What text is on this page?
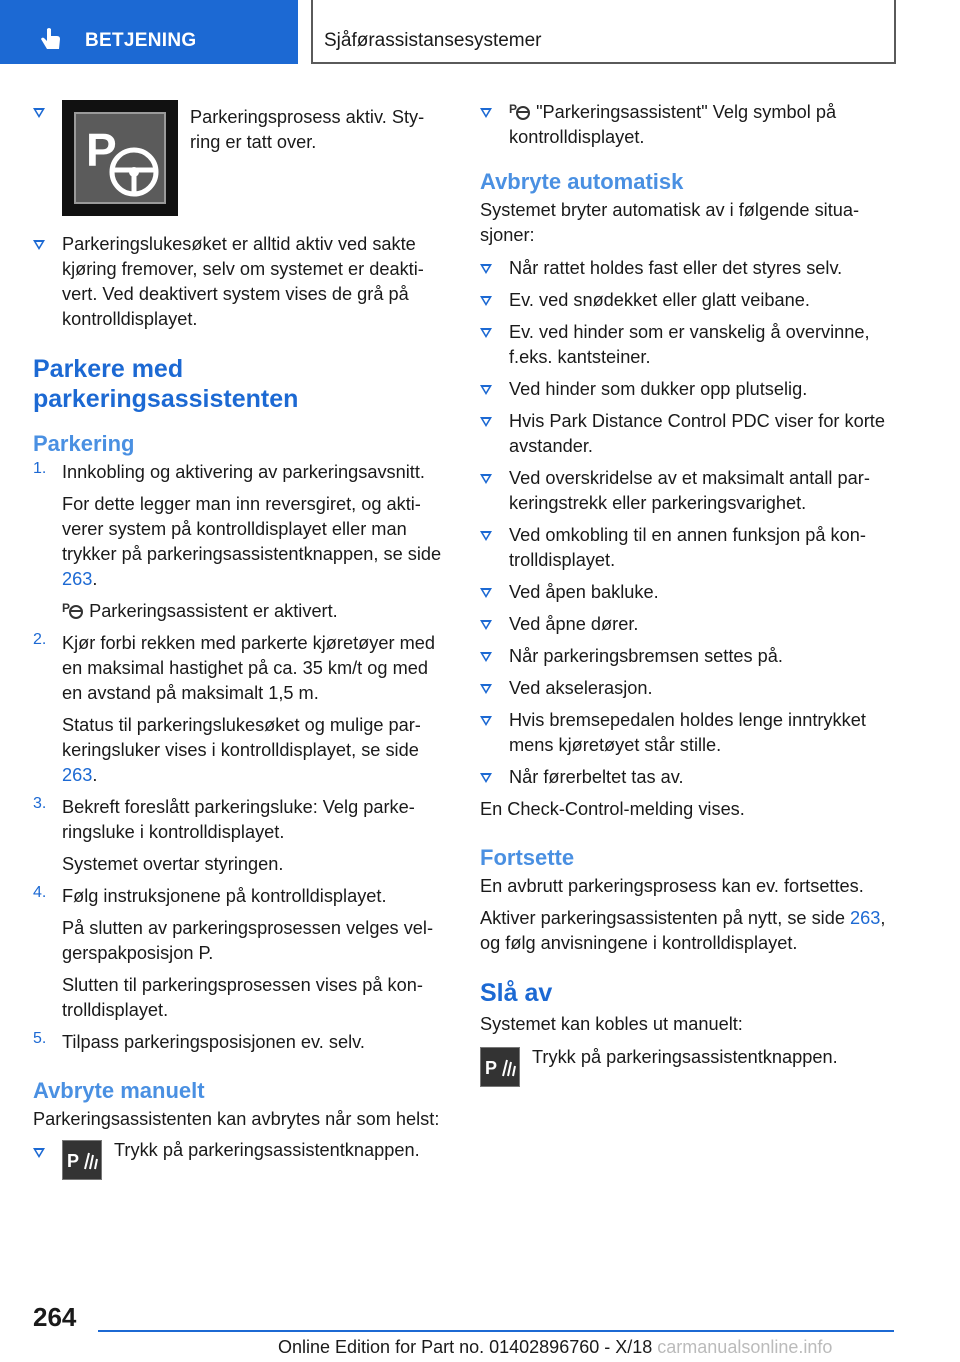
BETJENING	Sjåførassistansesystemer
P

Parkeringsprosess aktiv. Sty-ring er tatt over.

Parkeringslukesøket er alltid aktiv ved sakte kjøring fremover, selv om systemet er deakti-vert. Ved deaktivert system vises de grå på kontrolldisplayet.

Parkere med parkeringsassistenten
Parkering
1. Innkobling og aktivering av parkeringsavsnitt.

For dette legger man inn reversgiret, og akti-verer system på kontrolldisplayet eller man trykker på parkeringsassistentknappen, se side 263.

P Parkeringsassistent er aktivert.

2. Kjør forbi rekken med parkerte kjøretøyer med en maksimal hastighet på ca. 35 km/t og med en avstand på maksimalt 1,5 m.

Status til parkeringslukesøket og mulige par-keringsluker vises i kontrolldisplayet, se side 263.

3. Bekreft foreslått parkeringsluke: Velg parke-ringsluke i kontrolldisplayet.

Systemet overtar styringen.

4. Følg instruksjonene på kontrolldisplayet.

På slutten av parkeringsprosessen velges vel-gerspakposisjon P.

Slutten til parkeringsprosessen vises på kon-trolldisplayet.

5. Tilpass parkeringsposisjonen ev. selv.

Avbryte manuelt

Parkeringsassistenten kan avbrytes når som helst:

P

Trykk på parkeringsassistentknappen.

P "Parkeringsassistent" Velg symbol på kontrolldisplayet.

Avbryte automatisk

Systemet bryter automatisk av i følgende situa-sjoner:

Når rattet holdes fast eller det styres selv.

Ev. ved snødekket eller glatt veibane.

Ev. ved hinder som er vanskelig å overvinne, f.eks. kantsteiner.

Ved hinder som dukker opp plutselig.

Hvis Park Distance Control PDC viser for korte avstander.

Ved overskridelse av et maksimalt antall par-keringstrekk eller parkeringsvarighet.

Ved omkobling til en annen funksjon på kon-trolldisplayet.

Ved åpen bakluke.

Ved åpne dører.

Når parkeringsbremsen settes på.

Ved akselerasjon.

Hvis bremsepedalen holdes lenge inntrykket mens kjøretøyet står stille.

Når førerbeltet tas av.

En Check-Control-melding vises.

Fortsette

En avbrutt parkeringsprosess kan ev. fortsettes.

Aktiver parkeringsassistenten på nytt, se side 263, og følg anvisningene i kontrolldisplayet.

Slå av

Systemet kan kobles ut manuelt:

P

Trykk på parkeringsassistentknappen.

264
Online Edition for Part no. 01402896760 - X/18 carmanualsonline.info
